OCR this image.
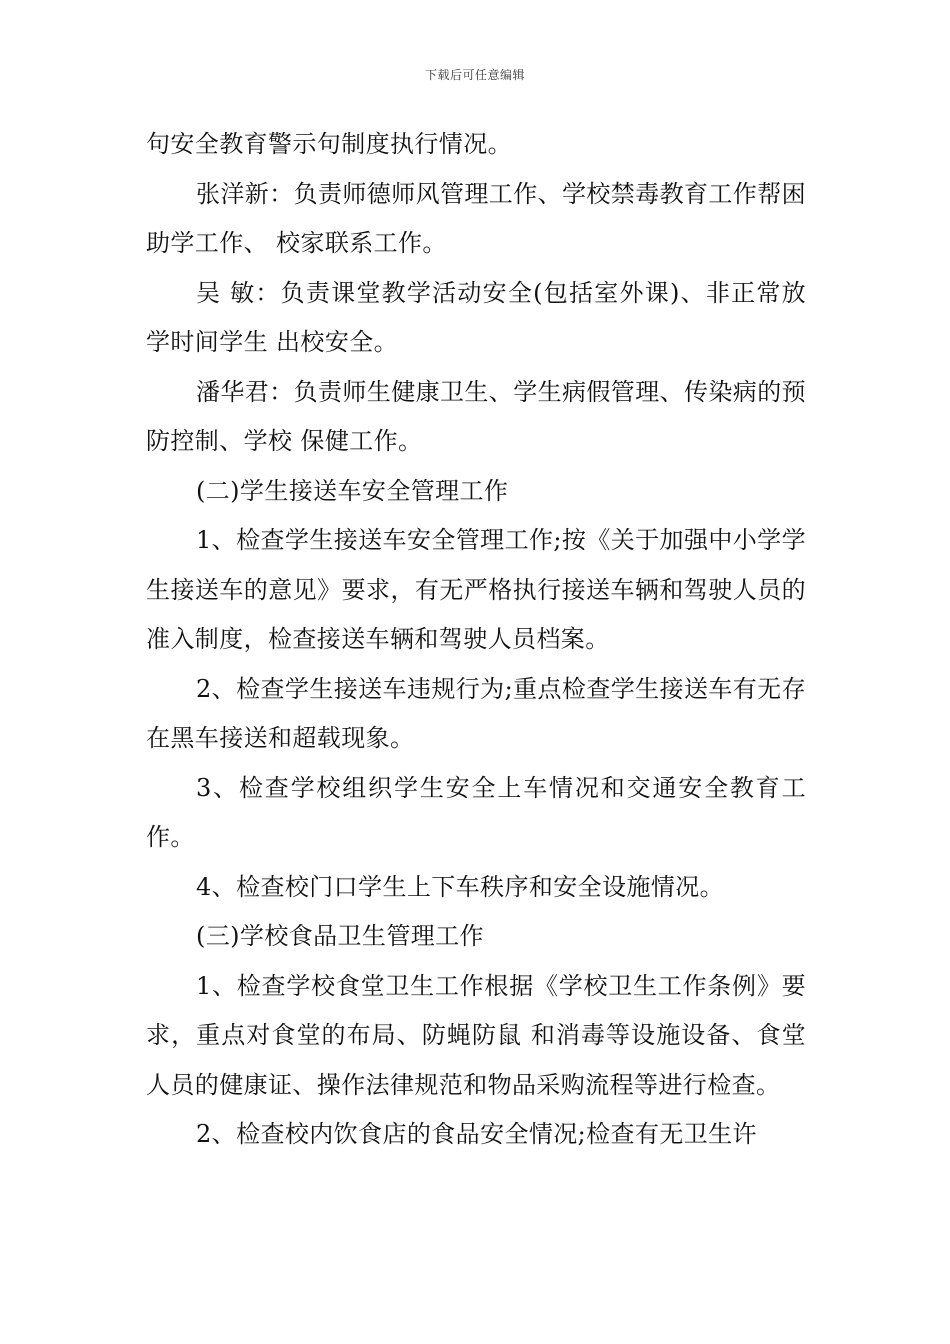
下载后可任意编辑

句安全教育警示句制度执行情况。

张洋新：负责师德师风管理工作、学校禁毒教育工作帮困助学工作、 校家联系工作。

吴 敏：负责课堂教学活动安全(包括室外课)、非正常放学时间学生 出校安全。

潘华君：负责师生健康卫生、学生病假管理、传染病的预防控制、学校 保健工作。

(二)学生接送车安全管理工作

1、检查学生接送车安全管理工作;按《关于加强中小学学生接送车的意见》要求，有无严格执行接送车辆和驾驶人员的准入制度，检查接送车辆和驾驶人员档案。

2、检查学生接送车违规行为;重点检查学生接送车有无存在黑车接送和超载现象。

3、检查学校组织学生安全上车情况和交通安全教育工作。

4、检查校门口学生上下车秩序和安全设施情况。

(三)学校食品卫生管理工作

1、检查学校食堂卫生工作根据《学校卫生工作条例》要求，重点对食堂的布局、防蝇防鼠 和消毒等设施设备、食堂人员的健康证、操作法律规范和物品采购流程等进行检查。

2、检查校内饮食店的食品安全情况;检查有无卫生许
